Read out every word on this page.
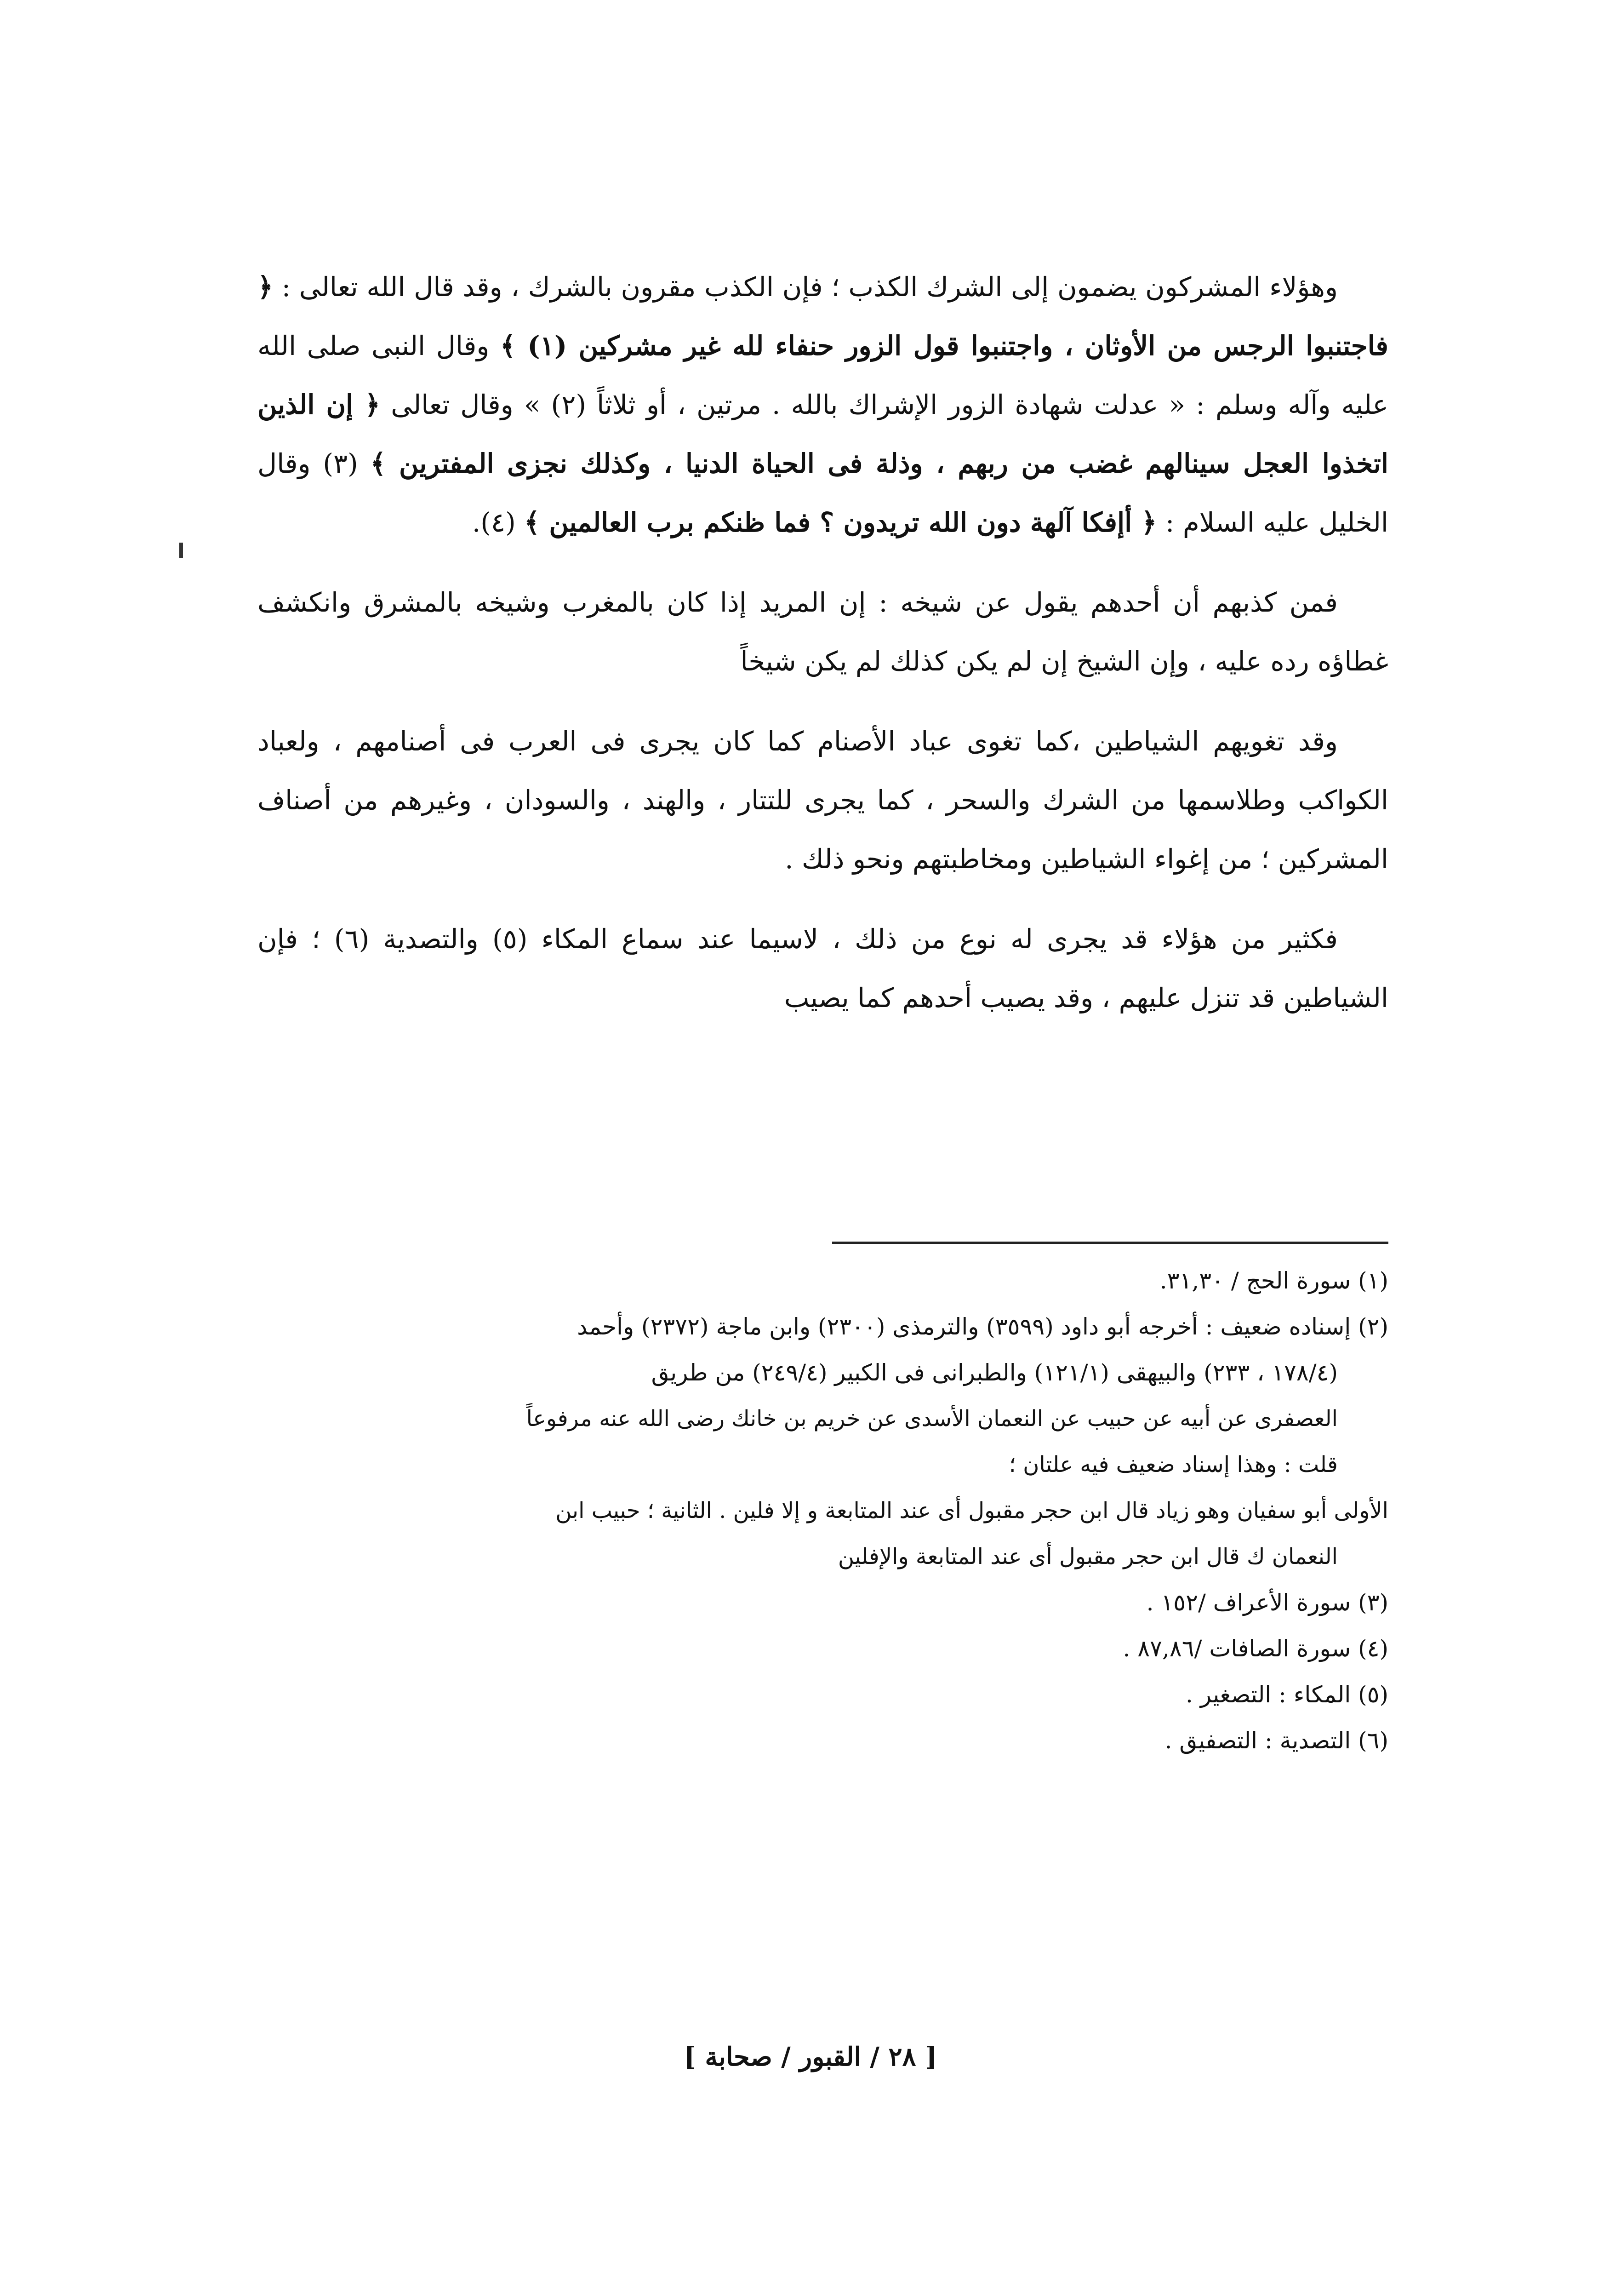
وهؤلاء المشركون يضمون إلى الشرك الكذب ؛ فإن الكذب مقرون بالشرك ، وقد قال الله تعالى : ﴿ فاجتنبوا الرجس من الأوثان ، واجتنبوا قول الزور حنفاء لله غير مشركين (١) ﴾ وقال النبى صلى الله عليه وآله وسلم : « عدلت شهادة الزور الإشراك بالله . مرتين ، أو ثلاثاً (٢) » وقال تعالى ﴿ إن الذين اتخذوا العجل سينالهم غضب من ربهم ، وذلة فى الحياة الدنيا ، وكذلك نجزى المفترين ﴾ (٣) وقال الخليل عليه السلام : ﴿ أإفكا آلهة دون الله تريدون ؟ فما ظنكم برب العالمين ﴾ (٤).

فمن كذبهم أن أحدهم يقول عن شيخه : إن المريد إذا كان بالمغرب وشيخه بالمشرق وانكشف غطاؤه رده عليه ، وإن الشيخ إن لم يكن كذلك لم يكن شيخاً

وقد تغويهم الشياطين ،كما تغوى عباد الأصنام كما كان يجرى فى العرب فى أصنامهم ، ولعباد الكواكب وطلاسمها من الشرك والسحر ، كما يجرى للتتار ، والهند ، والسودان ، وغيرهم من أصناف المشركين ؛ من إغواء الشياطين ومخاطبتهم ونحو ذلك .

فكثير من هؤلاء قد يجرى له نوع من ذلك ، لاسيما عند سماع المكاء (٥) والتصدية (٦) ؛ فإن الشياطين قد تنزل عليهم ، وقد يصيب أحدهم كما يصيب

(١) سورة الحج / ٣١,٣٠.

(٢) إسناده ضعيف : أخرجه أبو داود (٣٥٩٩) والترمذى (٢٣٠٠) وابن ماجة (٢٣٧٢) وأحمد

(١٧٨/٤ ، ٢٣٣) والبيهقى (١٢١/١) والطبرانى فى الكبير (٢٤٩/٤) من طريق

العصفرى عن أبيه عن حبيب عن النعمان الأسدى عن خريم بن خانك رضى الله عنه مرفوعاً

قلت : وهذا إسناد ضعيف فيه علتان ؛

الأولى أبو سفيان وهو زياد قال ابن حجر مقبول أى عند المتابعة و إلا فلين . الثانية ؛ حبيب ابن

النعمان ك قال ابن حجر مقبول أى عند المتابعة والإفلين

(٣) سورة الأعراف /١٥٢ .

(٤) سورة الصافات /٨٧,٨٦ .

(٥) المكاء : التصغير .

(٦) التصدية : التصفيق .

[ ٢٨ / القبور / صحابة ]
